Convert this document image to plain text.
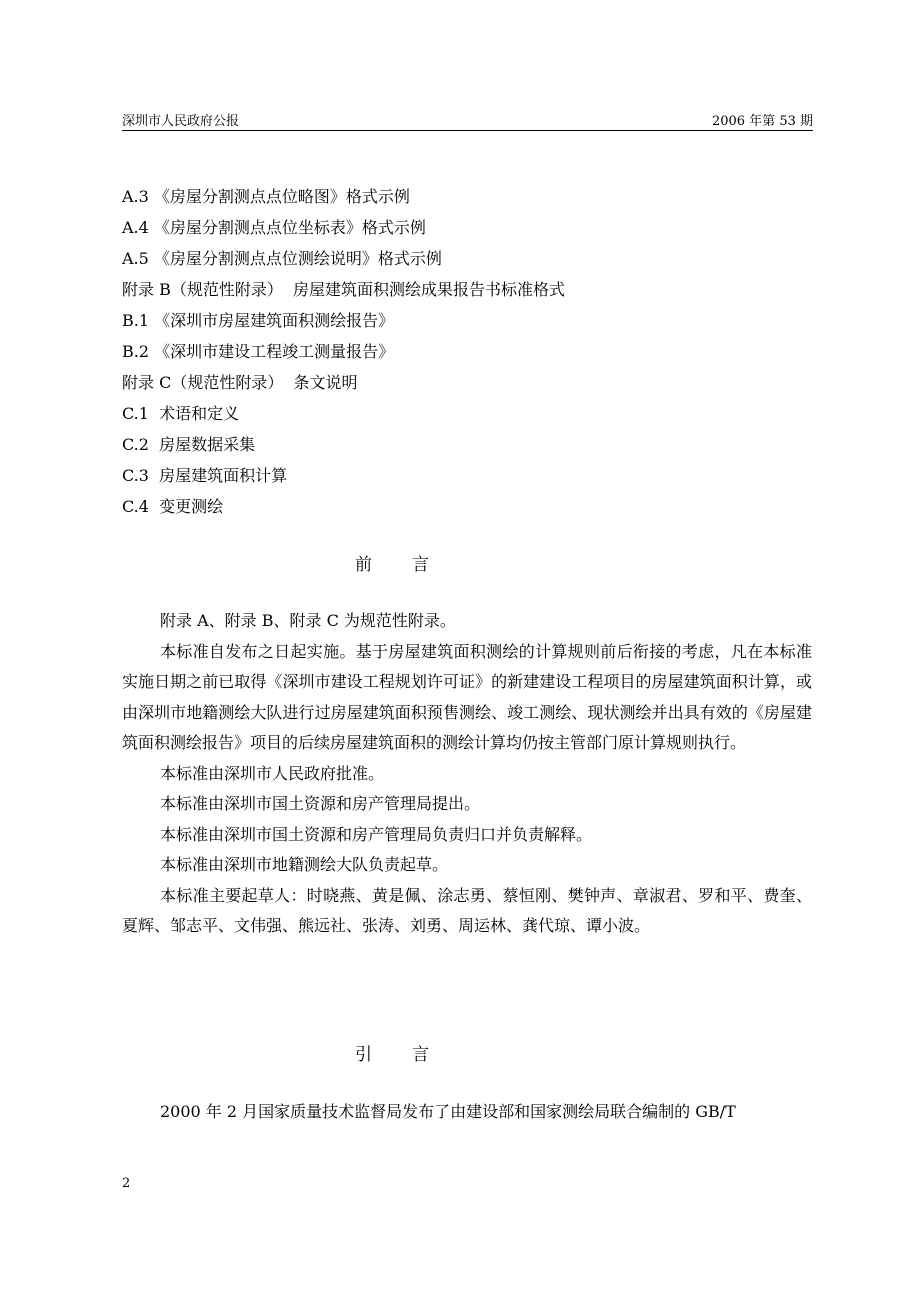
深圳市人民政府公报	2006 年第 53 期
A.3 《房屋分割测点点位略图》格式示例
A.4 《房屋分割测点点位坐标表》格式示例
A.5 《房屋分割测点点位测绘说明》格式示例
附录 B（规范性附录）  房屋建筑面积测绘成果报告书标准格式
B.1 《深圳市房屋建筑面积测绘报告》
B.2 《深圳市建设工程竣工测量报告》
附录 C（规范性附录）  条文说明
C.1  术语和定义
C.2  房屋数据采集
C.3  房屋建筑面积计算
C.4  变更测绘
前 言

附录 A、附录 B、附录 C 为规范性附录。

本标准自发布之日起实施。基于房屋建筑面积测绘的计算规则前后衔接的考虑，凡在本标准实施日期之前已取得《深圳市建设工程规划许可证》的新建建设工程项目的房屋建筑面积计算，或由深圳市地籍测绘大队进行过房屋建筑面积预售测绘、竣工测绘、现状测绘并出具有效的《房屋建筑面积测绘报告》项目的后续房屋建筑面积的测绘计算均仍按主管部门原计算规则执行。

本标准由深圳市人民政府批准。

本标准由深圳市国土资源和房产管理局提出。

本标准由深圳市国土资源和房产管理局负责归口并负责解释。

本标准由深圳市地籍测绘大队负责起草。

本标准主要起草人：时晓燕、黄是佩、涂志勇、蔡恒刚、樊钟声、章淑君、罗和平、费奎、夏辉、邹志平、文伟强、熊远社、张涛、刘勇、周运林、龚代琼、谭小波。

引 言

2000 年 2 月国家质量技术监督局发布了由建设部和国家测绘局联合编制的 GB/T

2
